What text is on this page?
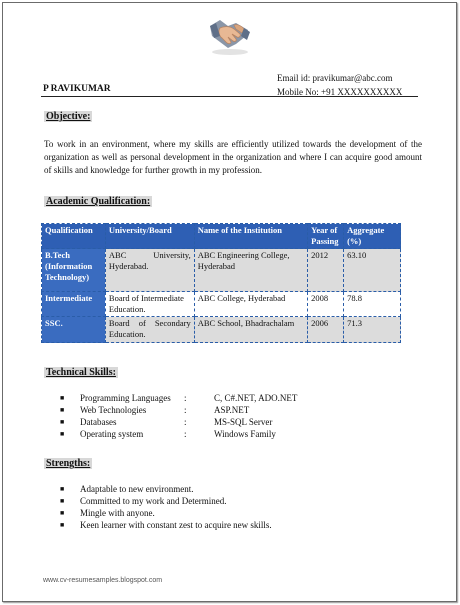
P RAVIKUMAR
Email id: pravikumar@abc.com
Mobile No: +91 XXXXXXXXXX
Objective:
To work in an environment, where my skills are efficiently utilized towards the development of the organization as well as personal development in the organization and where I can acquire good amount of skills and knowledge for further growth in my profession.
Academic Qualification:
Qualification	University/Board	Name of the Institution	Year of Passing	Aggregate (%)
B.Tech (Information Technology)	ABC University, Hyderabad.	ABC Engineering College, Hyderabad	2012	63.10
Intermediate	Board of Intermediate Education.	ABC College, Hyderabad	2008	78.8
SSC.	Board of Secondary Education.	ABC School, Bhadrachalam	2006	71.3
Technical Skills:
■	Programming Languages	:	C, C#.NET, ADO.NET
■	Web Technologies	:	ASP.NET
■	Databases	:	MS-SQL Server
■	Operating system	:	Windows Family
Strengths:
■	Adaptable to new environment.
■	Committed to my work and Determined.
■	Mingle with anyone.
■	Keen learner with constant zest to acquire new skills.
www.cv-resumesamples.blogspot.com
